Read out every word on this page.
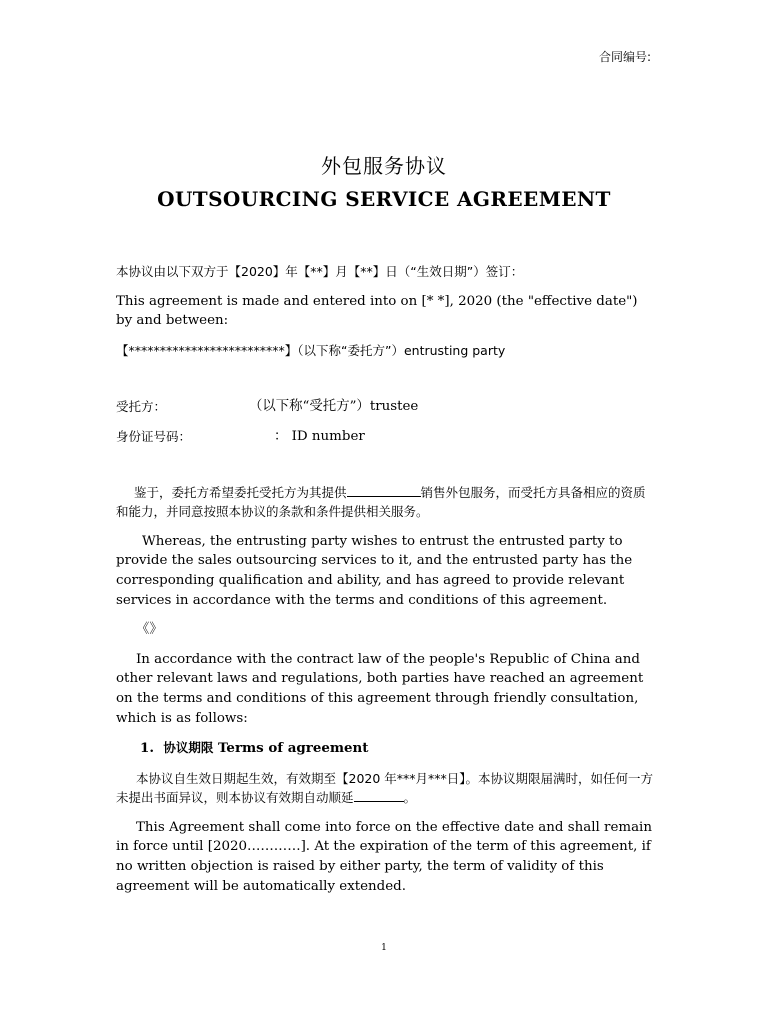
合同编号:
外包服务协议
OUTSOURCING SERVICE AGREEMENT

本协议由以下双方于【2020】年【**】月【**】日（“生效日期”）签订：

This agreement is made and entered into on [* *], 2020 (the "effective date") by and between:

【*************************】（以下称“委托方”）entrusting party

受托方：	（以下称“受托方”）trustee
身份证号码：	： ID number

鉴于，委托方希望委托受托方为其提供	销售外包服务，而受托方具备相应的资质和能力，并同意按照本协议的条款和条件提供相关服务。

Whereas, the entrusting party wishes to entrust the entrusted party to provide the sales outsourcing services to it, and the entrusted party has the corresponding qualification and ability, and has agreed to provide relevant services in accordance with the terms and conditions of this agreement.

《》

In accordance with the contract law of the people's Republic of China and other relevant laws and regulations, both parties have reached an agreement on the terms and conditions of this agreement through friendly consultation, which is as follows:

1. 协议期限 Terms of agreement

本协议自生效日期起生效，有效期至【2020 年***月***日】。本协议期限届满时，如任何一方未提出书面异议，则本协议有效期自动顺延	。

This Agreement shall come into force on the effective date and shall remain in force until [2020…………]. At the expiration of the term of this agreement, if no written objection is raised by either party, the term of validity of this agreement will be automatically extended.

1
